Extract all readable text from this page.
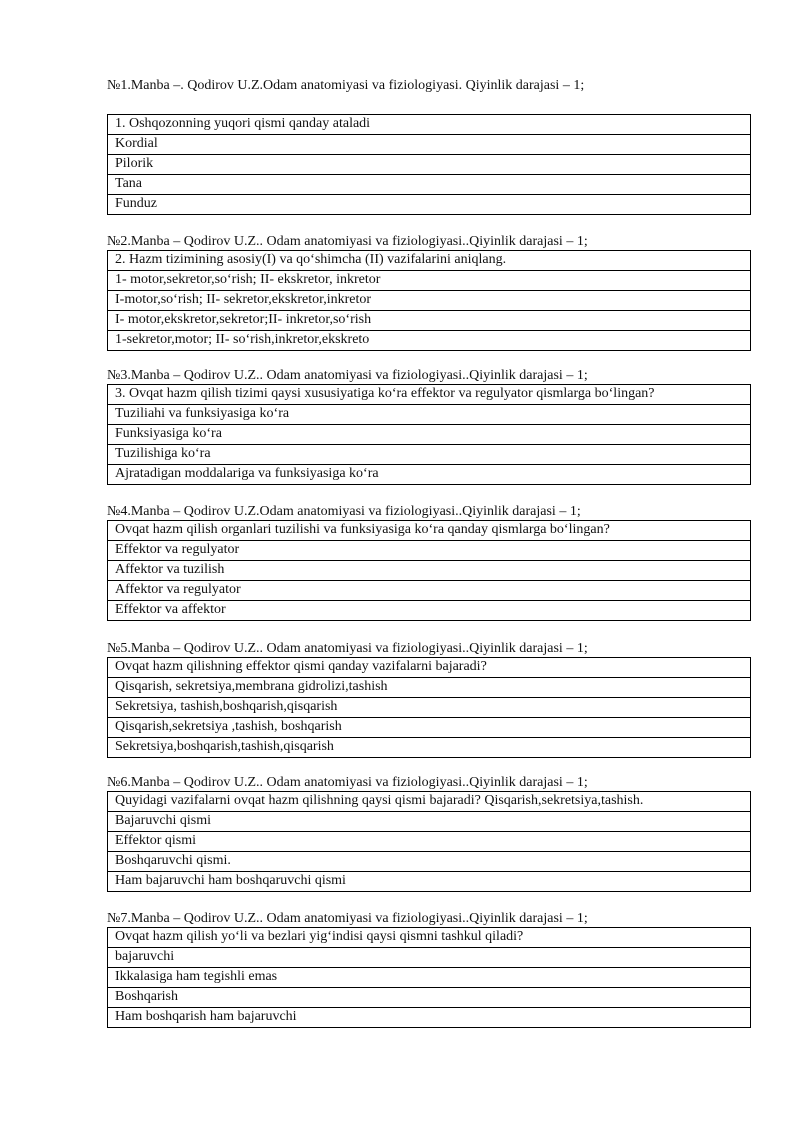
№1.Manba –. Qodirov U.Z.Odam anatomiyasi va fiziologiyasi. Qiyinlik darajasi – 1;

1. Oshqozonning yuqori qismi qanday ataladi
Kordial
Pilorik
Tana
Funduz

№2.Manba – Qodirov U.Z.. Odam anatomiyasi va fiziologiyasi..Qiyinlik darajasi – 1;

2. Hazm tizimining asosiy(I) va qo‘shimcha (II) vazifalarini aniqlang.
1- motor,sekretor,so‘rish; II- ekskretor, inkretor
I-motor,so‘rish; II- sekretor,ekskretor,inkretor
I- motor,ekskretor,sekretor;II- inkretor,so‘rish
1-sekretor,motor; II- so‘rish,inkretor,ekskreto

№3.Manba – Qodirov U.Z.. Odam anatomiyasi va fiziologiyasi..Qiyinlik darajasi – 1;

3. Ovqat hazm qilish tizimi qaysi xususiyatiga ko‘ra effektor va regulyator qismlarga bo‘lingan?
Tuziliahi va funksiyasiga ko‘ra
Funksiyasiga ko‘ra
Tuzilishiga ko‘ra
Ajratadigan moddalariga va funksiyasiga ko‘ra

№4.Manba – Qodirov U.Z.Odam anatomiyasi va fiziologiyasi..Qiyinlik darajasi – 1;

Ovqat hazm qilish organlari tuzilishi va funksiyasiga ko‘ra qanday qismlarga bo‘lingan?
Effektor va regulyator
Affektor va tuzilish
Affektor va regulyator
Effektor va affektor

№5.Manba – Qodirov U.Z.. Odam anatomiyasi va fiziologiyasi..Qiyinlik darajasi – 1;

Ovqat hazm qilishning effektor qismi qanday vazifalarni bajaradi?
Qisqarish, sekretsiya,membrana gidrolizi,tashish
Sekretsiya, tashish,boshqarish,qisqarish
Qisqarish,sekretsiya ,tashish, boshqarish
Sekretsiya,boshqarish,tashish,qisqarish

№6.Manba – Qodirov U.Z.. Odam anatomiyasi va fiziologiyasi..Qiyinlik darajasi – 1;

Quyidagi vazifalarni ovqat hazm qilishning qaysi qismi bajaradi? Qisqarish,sekretsiya,tashish.
Bajaruvchi qismi
Effektor qismi
Boshqaruvchi qismi.
Ham bajaruvchi ham boshqaruvchi qismi

№7.Manba – Qodirov U.Z.. Odam anatomiyasi va fiziologiyasi..Qiyinlik darajasi – 1;

Ovqat hazm qilish yo‘li va bezlari yig‘indisi qaysi qismni tashkul qiladi?
bajaruvchi
Ikkalasiga ham tegishli emas
Boshqarish
Ham boshqarish ham bajaruvchi
